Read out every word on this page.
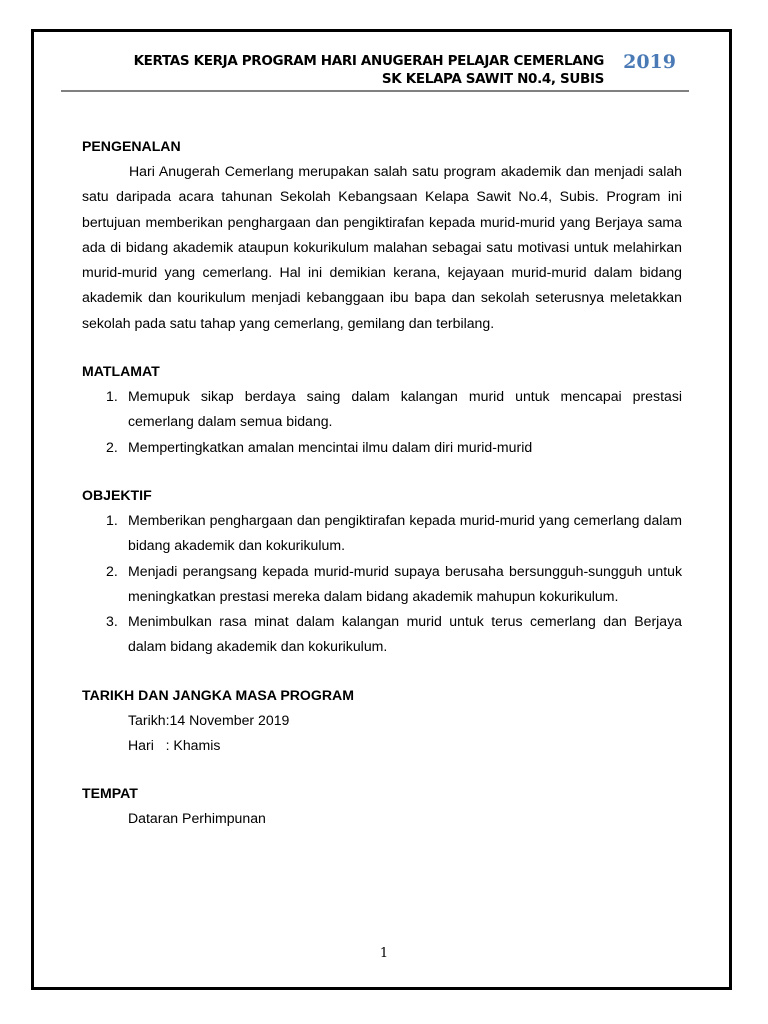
KERTAS KERJA PROGRAM HARI ANUGERAH PELAJAR CEMERLANG
SK KELAPA SAWIT N0.4, SUBIS
2019
PENGENALAN

Hari Anugerah Cemerlang merupakan salah satu program akademik dan menjadi salah satu daripada acara tahunan Sekolah Kebangsaan Kelapa Sawit No.4, Subis. Program ini bertujuan memberikan penghargaan dan pengiktirafan kepada murid-murid yang Berjaya sama ada di bidang akademik ataupun kokurikulum malahan sebagai satu motivasi untuk melahirkan murid-murid yang cemerlang. Hal ini demikian kerana, kejayaan murid-murid dalam bidang akademik dan kourikulum menjadi kebanggaan ibu bapa dan sekolah seterusnya meletakkan sekolah pada satu tahap yang cemerlang, gemilang dan terbilang.

MATLAMAT
1. Memupuk sikap berdaya saing dalam kalangan murid untuk mencapai prestasi cemerlang dalam semua bidang.
2. Mempertingkatkan amalan mencintai ilmu dalam diri murid-murid
OBJEKTIF
1. Memberikan penghargaan dan pengiktirafan kepada murid-murid yang cemerlang dalam bidang akademik dan kokurikulum.
2. Menjadi perangsang kepada murid-murid supaya berusaha bersungguh-sungguh untuk meningkatkan prestasi mereka dalam bidang akademik mahupun kokurikulum.
3. Menimbulkan rasa minat dalam kalangan murid untuk terus cemerlang dan Berjaya dalam bidang akademik dan kokurikulum.
TARIKH DAN JANGKA MASA PROGRAM

Tarikh:14 November 2019

Hari : Khamis

TEMPAT

Dataran Perhimpunan

1
